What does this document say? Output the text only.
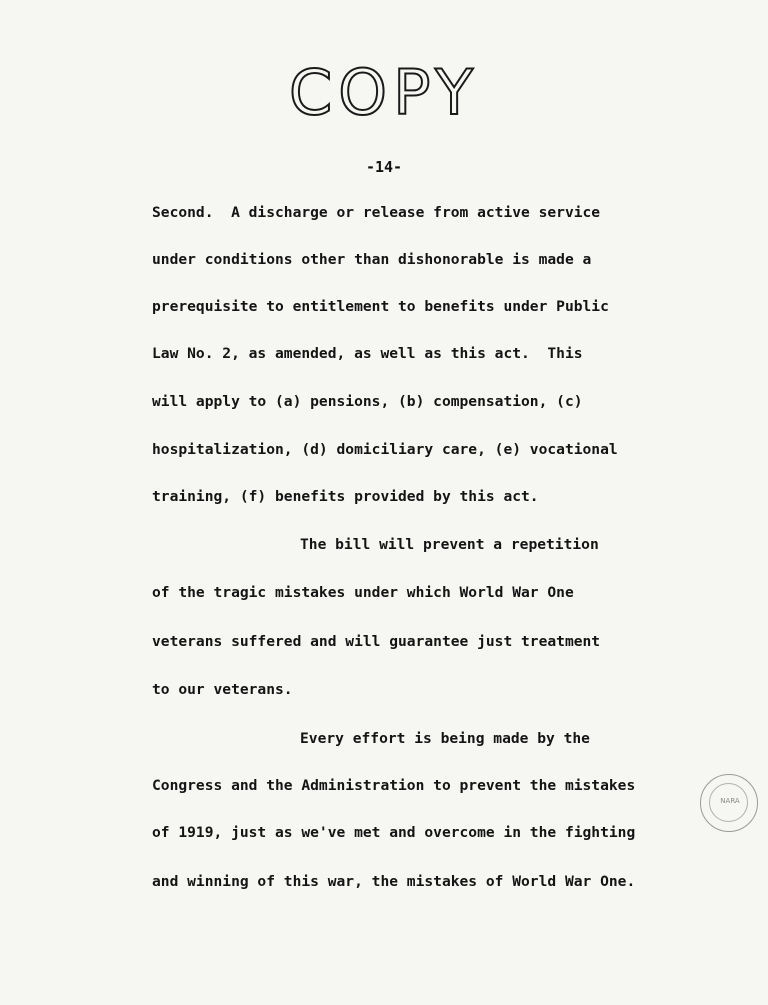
COPY
-14-
Second.  A discharge or release from active service
under conditions other than dishonorable is made a
prerequisite to entitlement to benefits under Public
Law No. 2, as amended, as well as this act.  This
will apply to (a) pensions, (b) compensation, (c)
hospitalization, (d) domiciliary care, (e) vocational
training, (f) benefits provided by this act.
The bill will prevent a repetition
of the tragic mistakes under which World War One
veterans suffered and will guarantee just treatment
to our veterans.
Every effort is being made by the
Congress and the Administration to prevent the mistakes
of 1919, just as we've met and overcome in the fighting
and winning of this war, the mistakes of World War One.
NARA
